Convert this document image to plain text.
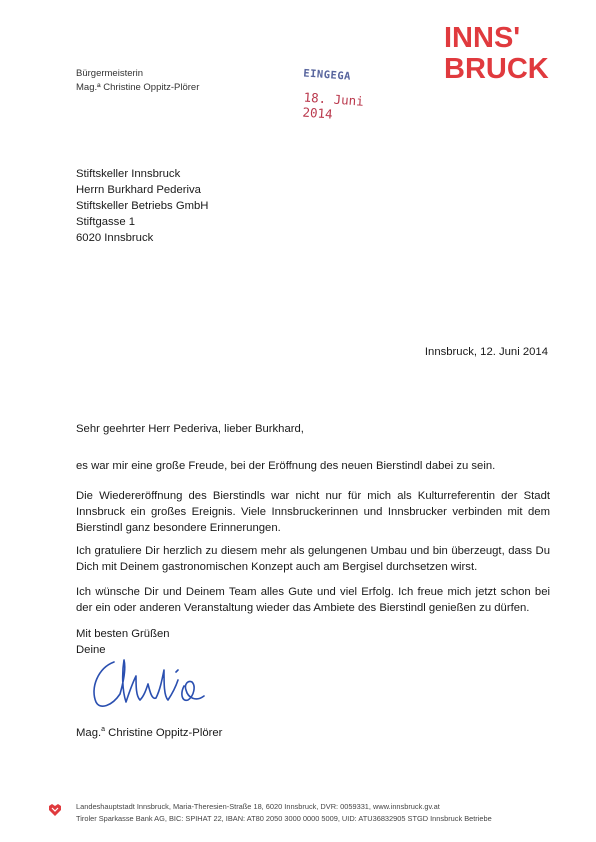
INNS'
BRUCK
Bürgermeisterin
Mag.ª Christine Oppitz-Plörer
EINGEGA
18. Juni 2014
Stiftskeller Innsbruck
Herrn Burkhard Pederiva
Stiftskeller Betriebs GmbH
Stiftgasse 1
6020 Innsbruck
Innsbruck, 12. Juni 2014
Sehr geehrter Herr Pederiva, lieber Burkhard,
es war mir eine große Freude, bei der Eröffnung des neuen Bierstindl dabei zu sein.
Die Wiedereröffnung des Bierstindls war nicht nur für mich als Kulturreferentin der Stadt Innsbruck ein großes Ereignis. Viele Innsbruckerinnen und Innsbrucker verbinden mit dem Bierstindl ganz besondere Erinnerungen.
Ich gratuliere Dir herzlich zu diesem mehr als gelungenen Umbau und bin überzeugt, dass Du Dich mit Deinem gastronomischen Konzept auch am Bergisel durchsetzen wirst.
Ich wünsche Dir und Deinem Team alles Gute und viel Erfolg. Ich freue mich jetzt schon bei der ein oder anderen Veranstaltung wieder das Ambiete des Bierstindl genießen zu dürfen.
Mit besten Grüßen
Deine
Mag.$^a$ Christine Oppitz-Plörer
Landeshauptstadt Innsbruck, Maria-Theresien-Straße 18, 6020 Innsbruck, DVR: 0059331, www.innsbruck.gv.at
Tiroler Sparkasse Bank AG, BIC: SPIHAT 22, IBAN: AT80 2050 3000 0000 5009, UID: ATU36832905 STGD Innsbruck Betriebe
